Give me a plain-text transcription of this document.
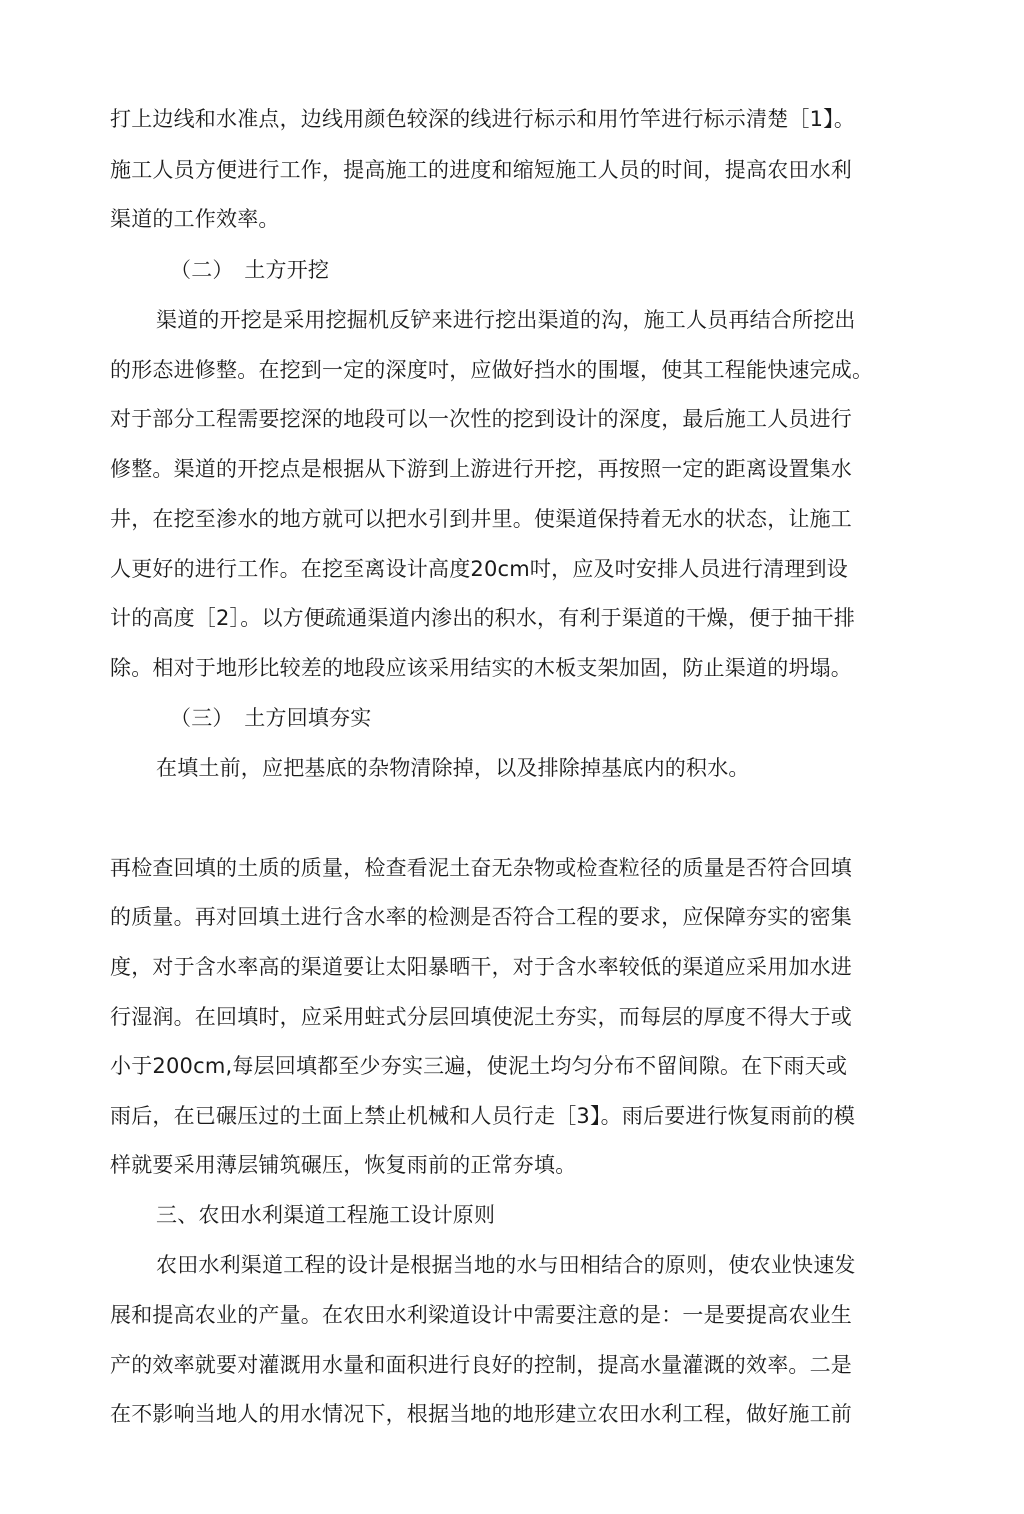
打上边线和水准点，边线用颜色较深的线进行标示和用竹竿进行标示清楚［1】。
施工人员方便进行工作，提高施工的进度和缩短施工人员的时间，提高农田水利
渠道的工作效率。
（二）　土方开挖
渠道的开挖是采用挖掘机反铲来进行挖出渠道的沟，施工人员再结合所挖出
的形态进修整。在挖到一定的深度吋，应做好挡水的围堰，使其工程能快速完成。
对于部分工程需要挖深的地段可以一次性的挖到设计的深度，最后施工人员进行
修整。渠道的开挖点是根据从下游到上游进行开挖，再按照一定的距离设置集水
井，在挖至渗水的地方就可以把水引到井里。使渠道保持着无水的状态，让施工
人更好的进行工作。在挖至离设计高度20cm吋，应及吋安排人员进行清理到设
计的高度［2］。以方便疏通渠道内渗出的积水，有利于渠道的干燥，便于抽干排
除。相对于地形比较差的地段应该采用结实的木板支架加固，防止渠道的坍塌。
（三）　土方回填夯实
在填土前，应把基底的杂物清除掉，以及排除掉基底内的积水。
再检查回填的土质的质量，检查看泥土奋无杂物或检查粒径的质量是否符合回填
的质量。再对回填土进行含水率的检测是否符合工程的要求，应保障夯实的密集
度，对于含水率高的渠道要让太阳暴晒干，对于含水率较低的渠道应采用加水进
行湿润。在回填时，应采用蛀式分层回填使泥土夯实，而每层的厚度不得大于或
小于200cm,每层回填都至少夯实三遍，使泥土均匀分布不留间隙。在下雨天或
雨后，在已碾压过的土面上禁止机械和人员行走［3】。雨后要进行恢复雨前的模
样就要采用薄层铺筑碾压，恢复雨前的正常夯填。
三、农田水利渠道工程施工设计原则
农田水利渠道工程的设计是根据当地的水与田相结合的原则，使农业快速发
展和提高农业的产量。在农田水利梁道设计中需要注意的是：一是要提高农业生
产的效率就要对灌溉用水量和面积进行良好的控制，提高水量灌溉的效率。二是
在不影响当地人的用水情况下，根据当地的地形建立农田水利工程，做好施工前
